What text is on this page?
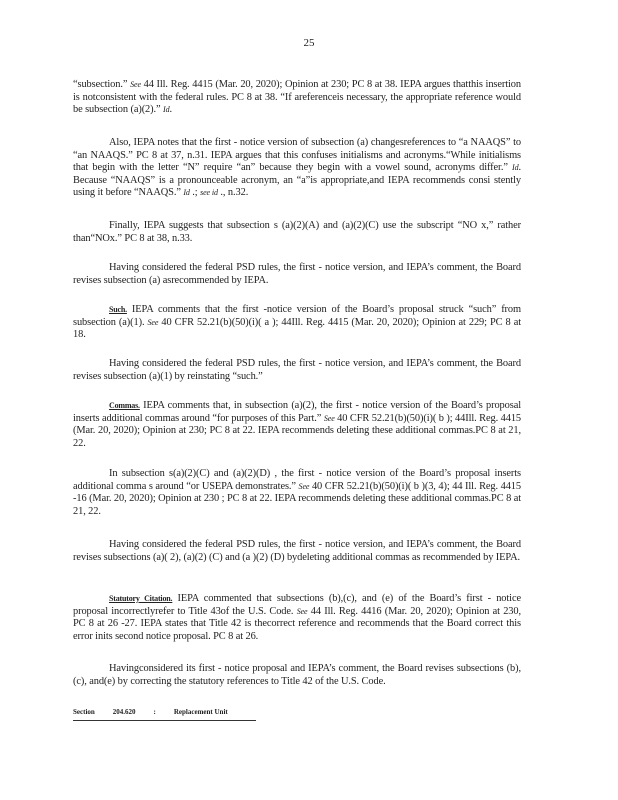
25

“subsection.” See 44 Ill. Reg. 4415 (Mar. 20, 2020); Opinion at 230; PC 8 at 38. IEPA argues thatthis insertion is notconsistent with the federal rules. PC 8 at 38. “If areferenceis necessary, the appropriate reference would be subsection (a)(2).” Id.

Also, IEPA notes that the first - notice version of subsection (a) changesreferences to “a NAAQS” to “an NAAQS.” PC 8 at 37, n.31. IEPA argues that this confuses initialisms and acronyms.“While initialisms that begin with the letter “N” require “an” because they begin with a vowel sound, acronyms differ.” Id. Because “NAAQS” is a pronounceable acronym, an “a”is appropriate,and IEPA recommends consi stently using it before “NAAQS.” Id .; see id ., n.32.

Finally, IEPA suggests that subsection s (a)(2)(A) and (a)(2)(C) use the subscript “NO x,” rather than“NOx.” PC 8 at 38, n.33.

Having considered the federal PSD rules, the first - notice version, and IEPA’s comment, the Board revises subsection (a) asrecommended by IEPA.

Such. IEPA comments that the first -notice version of the Board’s proposal struck “such” from subsection (a)(1). See 40 CFR 52.21(b)(50)(i)( a ); 44Ill. Reg. 4415 (Mar. 20, 2020); Opinion at 229; PC 8 at 18.

Having considered the federal PSD rules, the first - notice version, and IEPA’s comment, the Board revises subsection (a)(1) by reinstating “such.”

Commas. IEPA comments that, in subsection (a)(2), the first - notice version of the Board’s proposal inserts additional commas around “for purposes of this Part.” See 40 CFR 52.21(b)(50)(i)( b ); 44Ill. Reg. 4415 (Mar. 20, 2020); Opinion at 230; PC 8 at 22. IEPA recommends deleting these additional commas.PC 8 at 21, 22.

In subsection s(a)(2)(C) and (a)(2)(D) , the first - notice version of the Board’s proposal inserts additional comma s around “or USEPA demonstrates.” See 40 CFR 52.21(b)(50)(i)( b )(3, 4); 44 Ill. Reg. 4415 -16 (Mar. 20, 2020); Opinion at 230 ; PC 8 at 22. IEPA recommends deleting these additional commas.PC 8 at 21, 22.

Having considered the federal PSD rules, the first - notice version, and IEPA’s comment, the Board revises subsections (a)( 2), (a)(2) (C) and (a )(2) (D) bydeleting additional commas as recommended by IEPA.

Statutory Citation. IEPA commented that subsections (b),(c), and (e) of the Board’s first - notice proposal incorrectlyrefer to Title 43of the U.S. Code. See 44 Ill. Reg. 4416 (Mar. 20, 2020); Opinion at 230, PC 8 at 26 -27. IEPA states that Title 42 is thecorrect reference and recommends that the Board correct this error inits second notice proposal. PC 8 at 26.

Havingconsidered its first - notice proposal and IEPA’s comment, the Board revises subsections (b), (c), and(e) by correcting the statutory references to Title 42 of the U.S. Code.

Section	204.620	:	Replacement Unit
